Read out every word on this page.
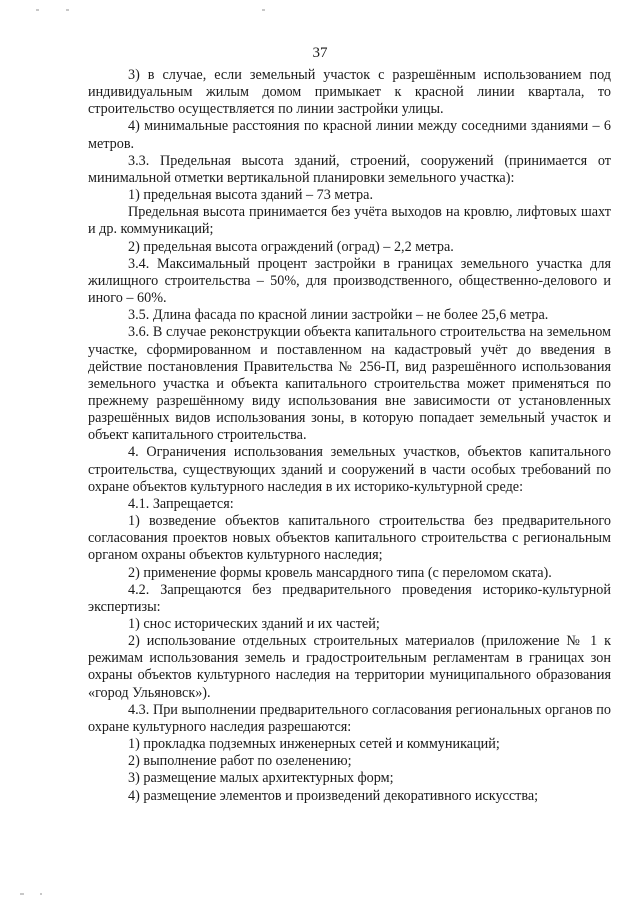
37

3) в случае, если земельный участок с разрешённым использованием под индивидуальным жилым домом примыкает к красной линии квартала, то строительство осуществляется по линии застройки улицы.

4) минимальные расстояния по красной линии между соседними зданиями – 6 метров.

3.3. Предельная высота зданий, строений, сооружений (принимается от минимальной отметки вертикальной планировки земельного участка):

1) предельная высота зданий – 73 метра.

Предельная высота принимается без учёта выходов на кровлю, лифтовых шахт и др. коммуникаций;

2) предельная высота ограждений (оград) – 2,2 метра.

3.4. Максимальный процент застройки в границах земельного участка для жилищного строительства – 50%, для производственного, общественно-делового и иного – 60%.

3.5. Длина фасада по красной линии застройки – не более 25,6 метра.

3.6. В случае реконструкции объекта капитального строительства на земельном участке, сформированном и поставленном на кадастровый учёт до введения в действие постановления Правительства № 256-П, вид разрешённого использования земельного участка и объекта капитального строительства может применяться по прежнему разрешённому виду использования вне зависимости от установленных разрешённых видов использования зоны, в которую попадает земельный участок и объект капитального строительства.

4. Ограничения использования земельных участков, объектов капитального строительства, существующих зданий и сооружений в части особых требований по охране объектов культурного наследия в их историко-культурной среде:

4.1. Запрещается:

1) возведение объектов капитального строительства без предварительного согласования проектов новых объектов капитального строительства с региональным органом охраны объектов культурного наследия;

2) применение формы кровель мансардного типа (с переломом ската).

4.2. Запрещаются без предварительного проведения историко-культурной экспертизы:

1) снос исторических зданий и их частей;

2) использование отдельных строительных материалов (приложение № 1 к режимам использования земель и градостроительным регламентам в границах зон охраны объектов культурного наследия на территории муниципального образования «город Ульяновск»).

4.3. При выполнении предварительного согласования региональных органов по охране культурного наследия разрешаются:

1) прокладка подземных инженерных сетей и коммуникаций;

2) выполнение работ по озеленению;

3) размещение малых архитектурных форм;

4) размещение элементов и произведений декоративного искусства;
